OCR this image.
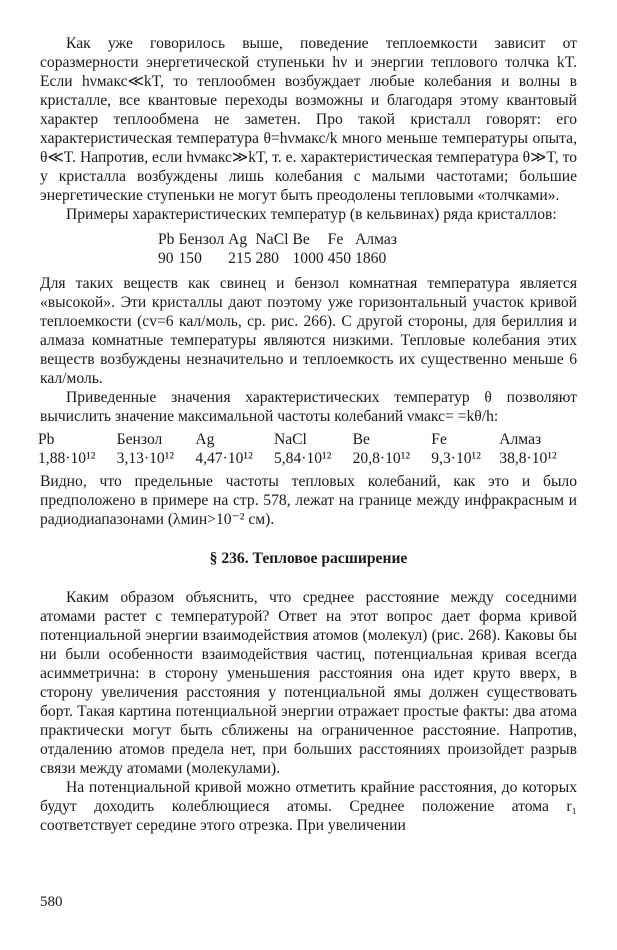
Как уже говорилось выше, поведение теплоемкости зависит от соразмерности энергетической ступеньки hν и энергии теплового толчка kT. Если hνмакс≪kT, то теплообмен возбуждает любые колебания и волны в кристалле, все квантовые переходы возможны и благодаря этому квантовый характер теплообмена не заметен. Про такой кристалл говорят: его характеристическая температура θ=hνмакс/k много меньше температуры опыта, θ≪T. Напротив, если hνмакс≫kT, т. е. характеристическая температура θ≫T, то у кристалла возбуждены лишь колебания с малыми частотами; большие энергетические ступеньки не могут быть преодолены тепловыми «толчками».

Примеры характеристических температур (в кельвинах) ряда кристаллов:

Pb	Бензол	Ag	NaCl	Be	Fe	Алмаз
90	150	215	280	1000	450	1860

Для таких веществ как свинец и бензол комнатная температура является «высокой». Эти кристаллы дают поэтому уже горизонтальный участок кривой теплоемкости (cv=6 кал/моль, ср. рис. 266). С другой стороны, для бериллия и алмаза комнатные температуры являются низкими. Тепловые колебания этих веществ возбуждены незначительно и теплоемкость их существенно меньше 6 кал/моль.

Приведенные значения характеристических температур θ позволяют вычислить значение максимальной частоты колебаний νмакс= =kθ/h:

Pb	Бензол	Ag	NaCl	Be	Fe	Алмаз
1,88·10¹²	3,13·10¹²	4,47·10¹²	5,84·10¹²	20,8·10¹²	9,3·10¹²	38,8·10¹²

Видно, что предельные частоты тепловых колебаний, как это и было предположено в примере на стр. 578, лежат на границе между инфракрасным и радиодиапазонами (λмин>10⁻² см).

§ 236. Тепловое расширение

Каким образом объяснить, что среднее расстояние между соседними атомами растет с температурой? Ответ на этот вопрос дает форма кривой потенциальной энергии взаимодействия атомов (молекул) (рис. 268). Каковы бы ни были особенности взаимодействия частиц, потенциальная кривая всегда асимметрична: в сторону уменьшения расстояния она идет круто вверх, в сторону увеличения расстояния у потенциальной ямы должен существовать борт. Такая картина потенциальной энергии отражает простые факты: два атома практически могут быть сближены на ограниченное расстояние. Напротив, отдалению атомов предела нет, при больших расстояниях произойдет разрыв связи между атомами (молекулами).

На потенциальной кривой можно отметить крайние расстояния, до которых будут доходить колеблющиеся атомы. Среднее положение атома r₁ соответствует середине этого отрезка. При увеличении

580
